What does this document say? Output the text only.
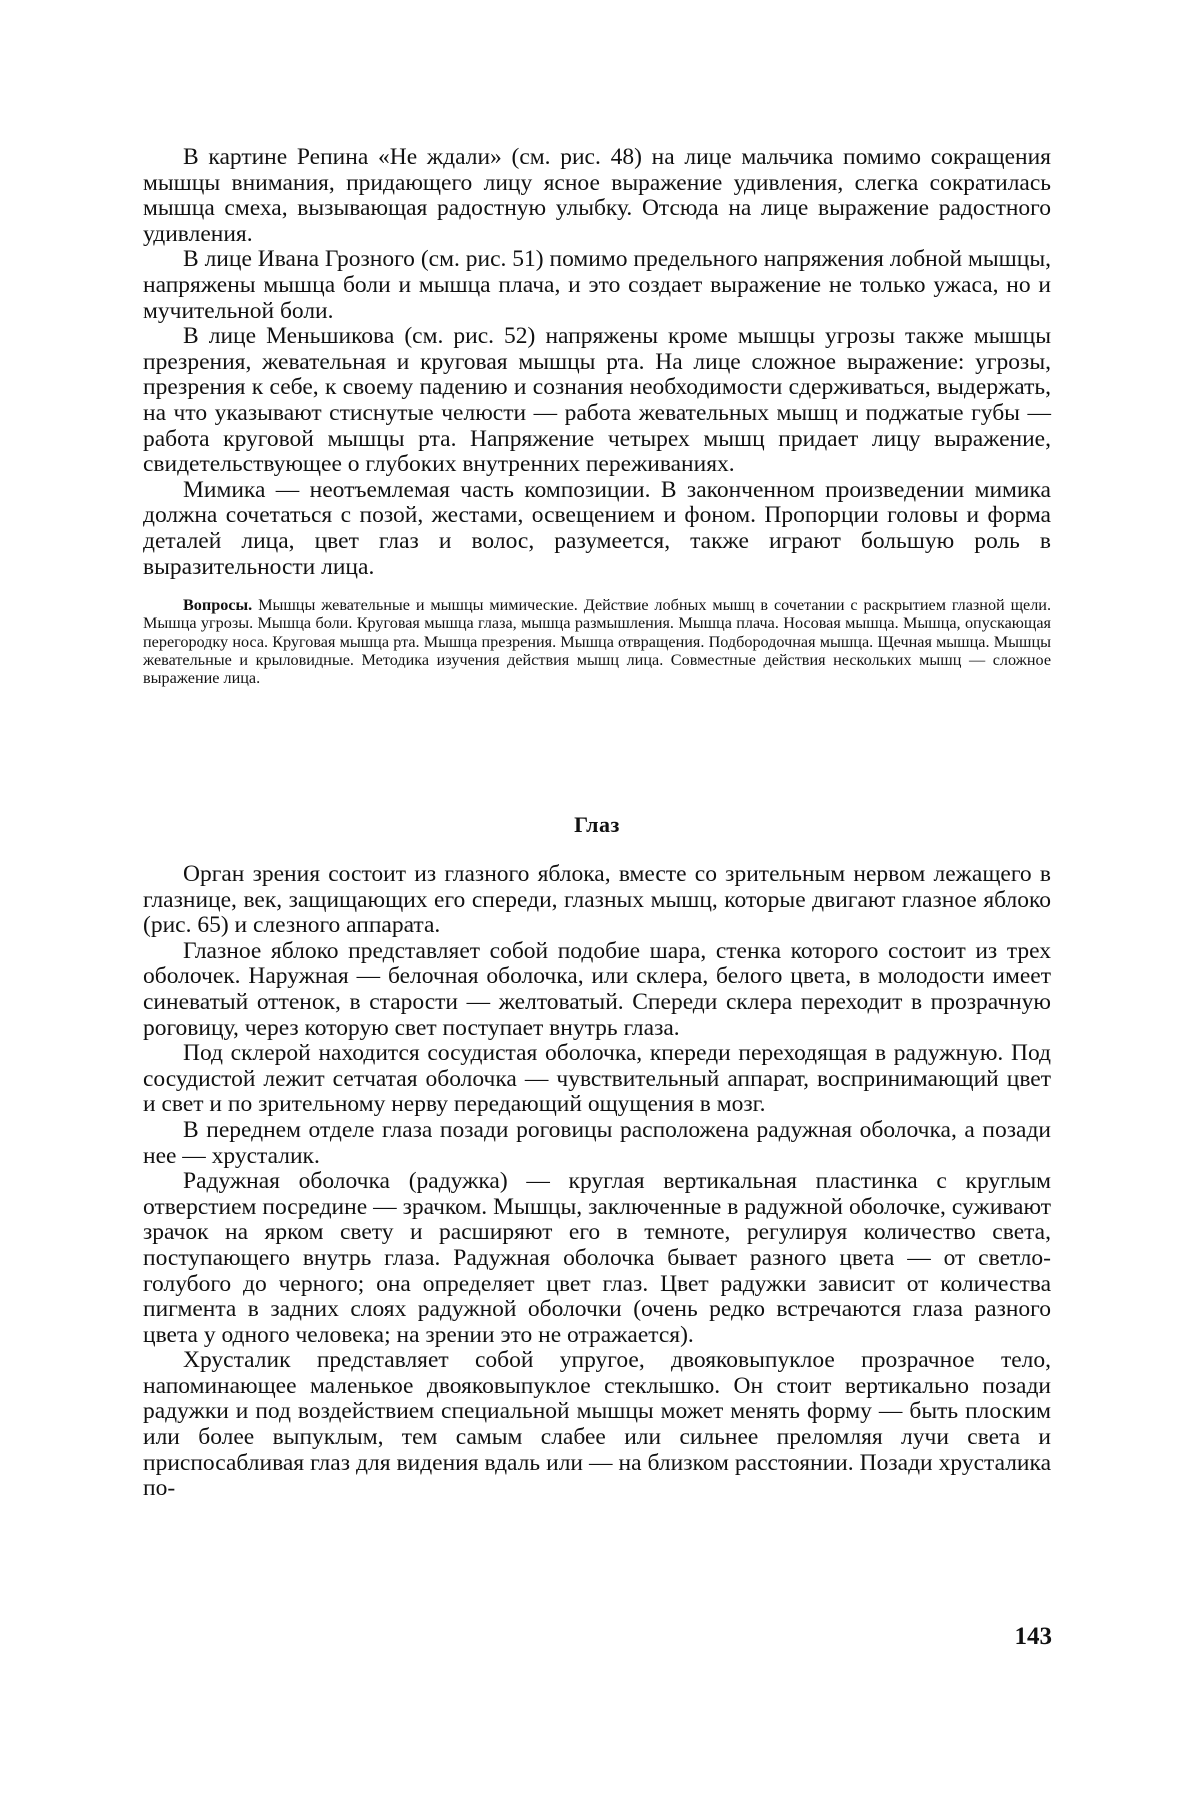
В картине Репина «Не ждали» (см. рис. 48) на лице мальчика помимо сокращения мышцы внимания, придающего лицу ясное выражение удивления, слегка сократилась мышца смеха, вызывающая радостную улыбку. Отсюда на лице выражение радостного удивления.

В лице Ивана Грозного (см. рис. 51) помимо предельного напряжения лобной мышцы, напряжены мышца боли и мышца плача, и это создает выражение не только ужаса, но и мучительной боли.

В лице Меньшикова (см. рис. 52) напряжены кроме мышцы угрозы также мышцы презрения, жевательная и круговая мышцы рта. На лице сложное выражение: угрозы, презрения к себе, к своему падению и сознания необходимости сдерживаться, выдержать, на что указывают стиснутые челюсти — работа жевательных мышц и поджатые губы — работа круговой мышцы рта. Напряжение четырех мышц придает лицу выражение, свидетельствующее о глубоких внутренних переживаниях.

Мимика — неотъемлемая часть композиции. В законченном произведении мимика должна сочетаться с позой, жестами, освещением и фоном. Пропорции головы и форма деталей лица, цвет глаз и волос, разумеется, также играют большую роль в выразительности лица.

Вопросы. Мышцы жевательные и мышцы мимические. Действие лобных мышц в сочетании с раскрытием глазной щели. Мышца угрозы. Мышца боли. Круговая мышца глаза, мышца размышления. Мышца плача. Носовая мышца. Мышца, опускающая перегородку носа. Круговая мышца рта. Мышца презрения. Мышца отвращения. Подбородочная мышца. Щечная мышца. Мышцы жевательные и крыловидные. Методика изучения действия мышц лица. Совместные действия нескольких мышц — сложное выражение лица.

Глаз

Орган зрения состоит из глазного яблока, вместе со зрительным нервом лежащего в глазнице, век, защищающих его спереди, глазных мышц, которые двигают глазное яблоко (рис. 65) и слезного аппарата.

Глазное яблоко представляет собой подобие шара, стенка которого состоит из трех оболочек. Наружная — белочная оболочка, или склера, белого цвета, в молодости имеет синеватый оттенок, в старости — желтоватый. Спереди склера переходит в прозрачную роговицу, через которую свет поступает внутрь глаза.

Под склерой находится сосудистая оболочка, кпереди переходящая в радужную. Под сосудистой лежит сетчатая оболочка — чувствительный аппарат, воспринимающий цвет и свет и по зрительному нерву передающий ощущения в мозг.

В переднем отделе глаза позади роговицы расположена радужная оболочка, а позади нее — хрусталик.

Радужная оболочка (радужка) — круглая вертикальная пластинка с круглым отверстием посредине — зрачком. Мышцы, заключенные в радужной оболочке, суживают зрачок на ярком свету и расширяют его в темноте, регулируя количество света, поступающего внутрь глаза. Радужная оболочка бывает разного цвета — от светло-голубого до черного; она определяет цвет глаз. Цвет радужки зависит от количества пигмента в задних слоях радужной оболочки (очень редко встречаются глаза разного цвета у одного человека; на зрении это не отражается).

Хрусталик представляет собой упругое, двояковыпуклое прозрачное тело, напоминающее маленькое двояковыпуклое стеклышко. Он стоит вертикально позади радужки и под воздействием специальной мышцы может менять форму — быть плоским или более выпуклым, тем самым слабее или сильнее преломляя лучи света и приспосабливая глаз для видения вдаль или — на близком расстоянии. Позади хрусталика по-

143
